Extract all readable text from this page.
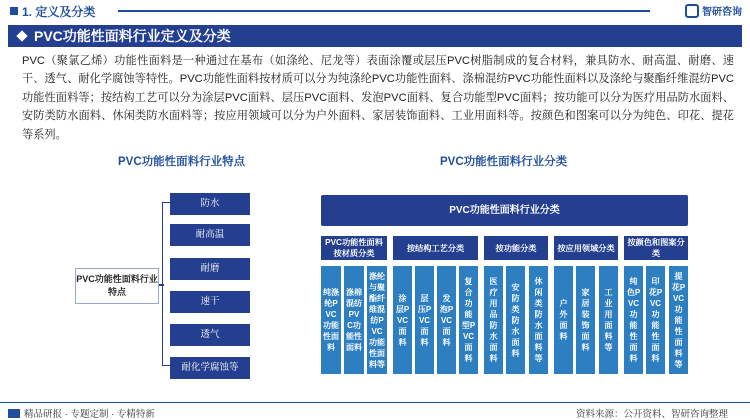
1. 定义及分类	智研咨询
PVC功能性面料行业定义及分类
PVC（聚氯乙烯）功能性面料是一种通过在基布（如涤纶、尼龙等）表面涂覆或层压PVC树脂制成的复合材料，兼具防水、耐高温、耐磨、速干、透气、耐化学腐蚀等特性。PVC功能性面料按材质可以分为纯涤纶PVC功能性面料、涤棉混纺PVC功能性面料以及涤纶与聚酯纤维混纺PVC功能性面料等；按结构工艺可以分为涂层PVC面料、层压PVC面料、发泡PVC面料、复合功能型PVC面料；按功能可以分为医疗用品防水面料、安防类防水面料、休闲类防水面料等；按应用领域可以分为户外面料、家居装饰面料、工业用面料等。按颜色和图案可以分为纯色、印花、提花等系列。
PVC功能性面料行业特点
PVC功能性面料行业特点
防水
耐高温
耐磨
速干
透气
耐化学腐蚀等
PVC功能性面料行业分类
PVC功能性面料行业分类
PVC功能性面料按材质分类
按结构工艺分类	按功能分类	按应用领域分类
按颜色和图案分类
纯涤纶PVC功能性面料
涤棉混纺PVC功能性面料
涤纶与聚酯纤维混纺PVC功能性面料等
涂层PVC面料
层压PVC面料
发泡PVC面料
复合功能型PVC面料
医疗用品防水面料
安防类防水面料
休闲类防水面料等
户外面料
家居装饰面料
工业用面料等
纯色PVC功能性面料
印花PVC功能性面料
提花PVC功能性面料等
精品研报 · 专题定制 · 专精特新	资料来源：公开资料、智研咨询整理
